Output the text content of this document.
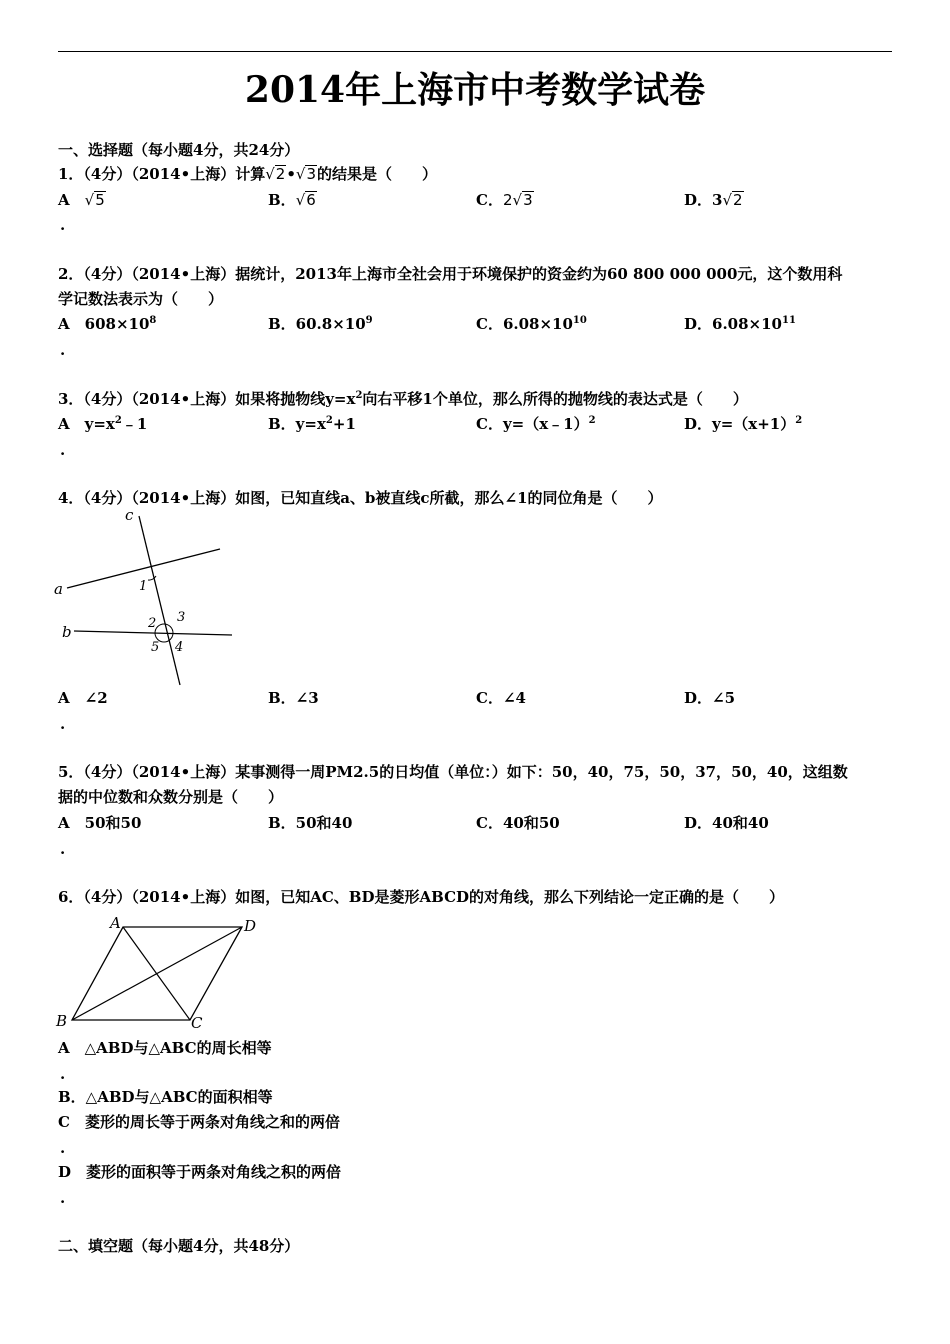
2014年上海市中考数学试卷
一、选择题（每小题4分，共24分）
1．（4分）（2014•上海）计算√2•√3的结果是（　　）
A　 √5	B．√6	C．2√3	D．3√2
.
2．（4分）（2014•上海）据统计，2013年上海市全社会用于环境保护的资金约为60 800 000 000元，这个数用科
学记数法表示为（　　）
A　$608\times 10^8$	B．$60.8\times 10^9$	C．$6.08\times 10^{10}$	D．$6.08\times 10^{11}$
.
3．（4分）（2014•上海）如果将抛物线$y=x^2$向右平移1个单位，那么所得的抛物线的表达式是（　　）
A　$y=x^2﹣1$	B．$y=x^2+1$	C．y=（x﹣1）$^2$	D．$y=(x+1)^2$
.
4．（4分）（2014•上海）如图，已知直线a、b被直线c所截，那么∠1的同位角是（　　）
a
b
c
1
2 3
4
5
A　∠2	B．∠3	C．∠4	D．∠5
.
5．（4分）（2014•上海）某事测得一周PM2.5的日均值（单位：）如下：50，40，75，50，37，50，40，这组数
据的中位数和众数分别是（　　）
A　50和50	B．50和40	C．40和50	D．40和40
.
6．（4分）（2014•上海）如图，已知AC、BD是菱形ABCD的对角线，那么下列结论一定正确的是（　　）
A	D
B	C
A　△ABD与△ABC的周长相等
.
B．△ABD与△ABC的面积相等
C　菱形的周长等于两条对角线之和的两倍
.
D　菱形的面积等于两条对角线之积的两倍
.
二、填空题（每小题4分，共48分）
